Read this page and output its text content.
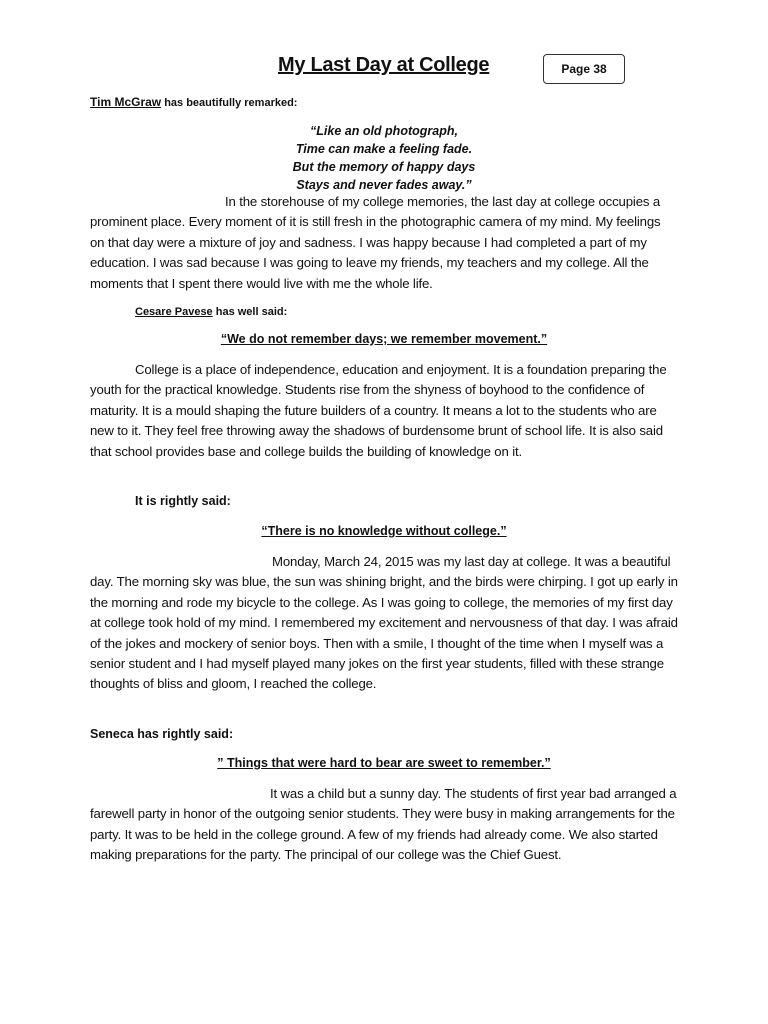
My Last Day at College	Page 38
Tim McGraw has beautifully remarked:
“Like an old photograph,
Time can make a feeling fade.
But the memory of happy days
Stays and never fades away.”

In the storehouse of my college memories, the last day at college occupies a prominent place. Every moment of it is still fresh in the photographic camera of my mind. My feelings on that day were a mixture of joy and sadness. I was happy because I had completed a part of my education. I was sad because I was going to leave my friends, my teachers and my college. All the moments that I spent there would live with me the whole life.

Cesare Pavese has well said:
“We do not remember days; we remember movement.”

College is a place of independence, education and enjoyment. It is a foundation preparing the youth for the practical knowledge. Students rise from the shyness of boyhood to the confidence of maturity. It is a mould shaping the future builders of a country. It means a lot to the students who are new to it. They feel free throwing away the shadows of burdensome brunt of school life. It is also said that school provides base and college builds the building of knowledge on it.

It is rightly said:
“There is no knowledge without college.”

Monday, March 24, 2015 was my last day at college. It was a beautiful day. The morning sky was blue, the sun was shining bright, and the birds were chirping. I got up early in the morning and rode my bicycle to the college. As I was going to college, the memories of my first day at college took hold of my mind. I remembered my excitement and nervousness of that day. I was afraid of the jokes and mockery of senior boys. Then with a smile, I thought of the time when I myself was a senior student and I had myself played many jokes on the first year students, filled with these strange thoughts of bliss and gloom, I reached the college.

Seneca has rightly said:
” Things that were hard to bear are sweet to remember.”

It was a child but a sunny day. The students of first year bad arranged a farewell party in honor of the outgoing senior students. They were busy in making arrangements for the party. It was to be held in the college ground. A few of my friends had already come. We also started making preparations for the party. The principal of our college was the Chief Guest.
